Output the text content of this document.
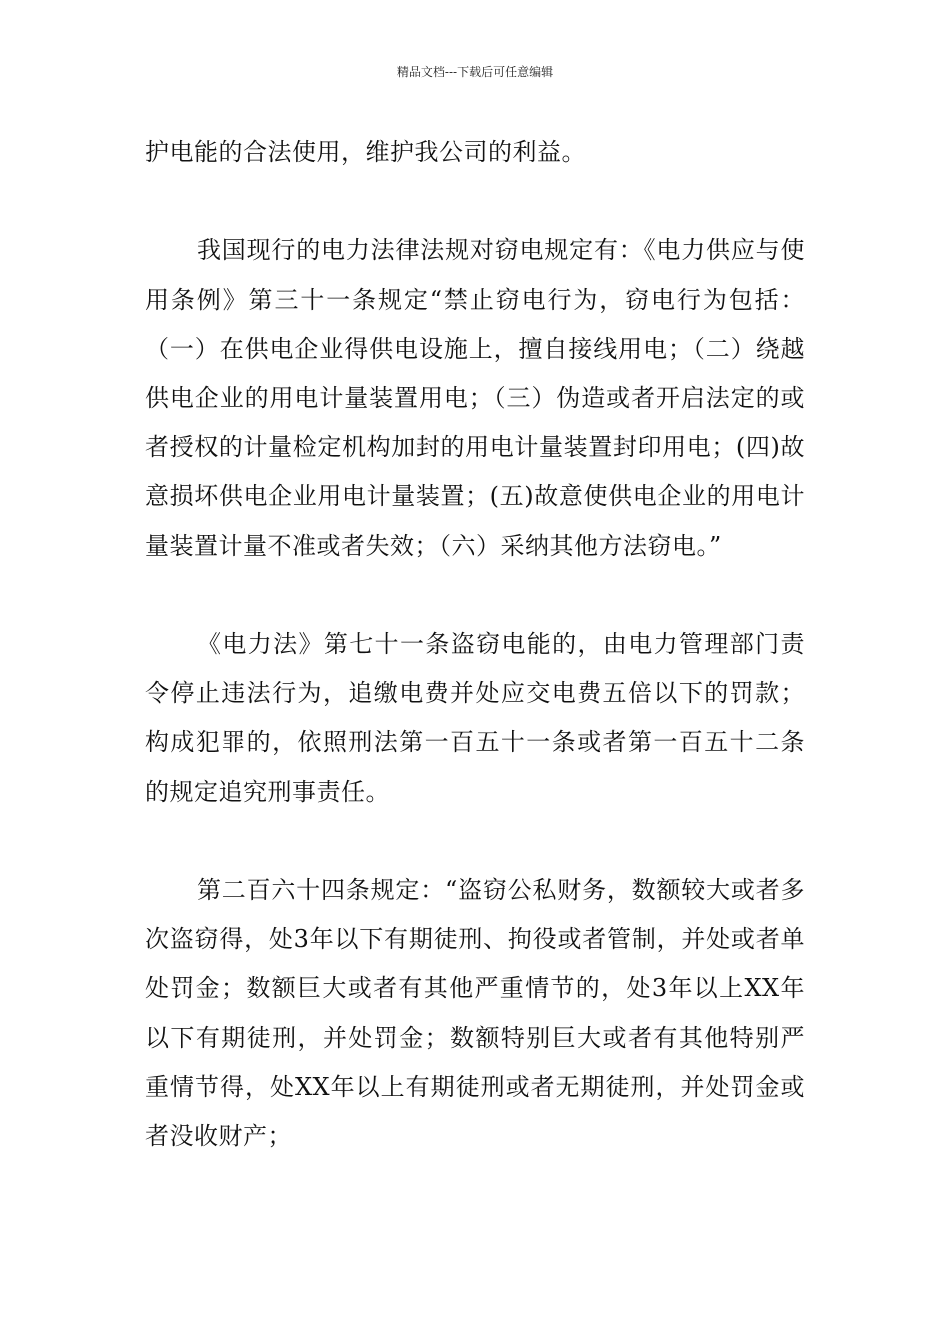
精品文档---下载后可任意编辑

护电能的合法使用，维护我公司的利益。

我国现行的电力法律法规对窃电规定有：《电力供应与使用条例》第三十一条规定“禁止窃电行为，窃电行为包括：（一）在供电企业得供电设施上，擅自接线用电；（二）绕越供电企业的用电计量装置用电；（三）伪造或者开启法定的或者授权的计量检定机构加封的用电计量装置封印用电；(四)故意损坏供电企业用电计量装置；(五)故意使供电企业的用电计量装置计量不准或者失效；（六）采纳其他方法窃电。”

《电力法》第七十一条盗窃电能的，由电力管理部门责令停止违法行为，追缴电费并处应交电费五倍以下的罚款；构成犯罪的，依照刑法第一百五十一条或者第一百五十二条的规定追究刑事责任。

第二百六十四条规定：“盗窃公私财务，数额较大或者多次盗窃得，处3年以下有期徒刑、拘役或者管制，并处或者单处罚金；数额巨大或者有其他严重情节的，处3年以上XX年以下有期徒刑，并处罚金；数额特别巨大或者有其他特别严重情节得，处XX年以上有期徒刑或者无期徒刑，并处罚金或者没收财产；
